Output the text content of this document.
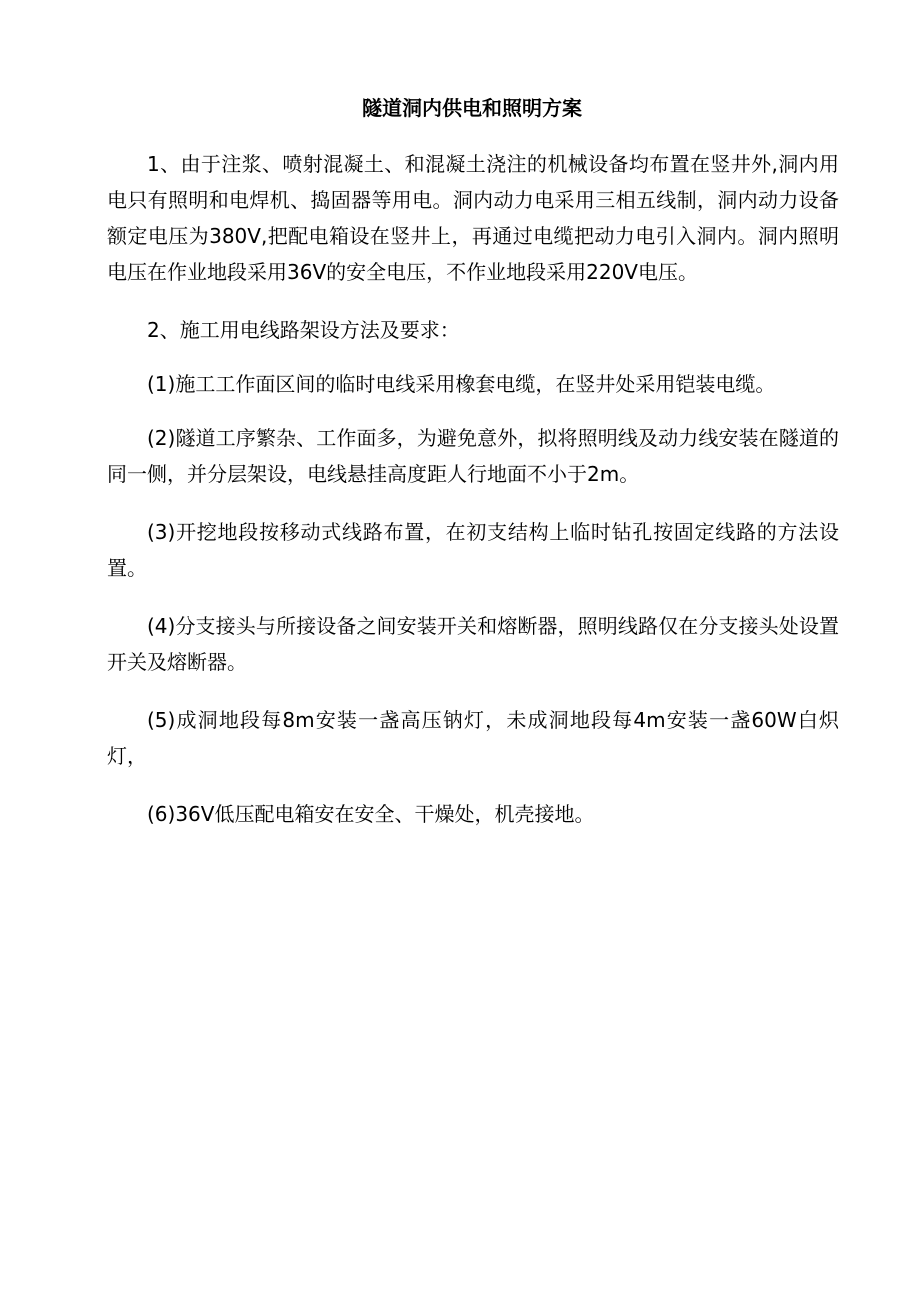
隧道洞内供电和照明方案

1、由于注浆、喷射混凝土、和混凝土浇注的机械设备均布置在竖井外,洞内用电只有照明和电焊机、捣固器等用电。洞内动力电采用三相五线制，洞内动力设备额定电压为380V,把配电箱设在竖井上，再通过电缆把动力电引入洞内。洞内照明电压在作业地段采用36V的安全电压，不作业地段采用220V电压。

2、施工用电线路架设方法及要求：

(1)施工工作面区间的临时电线采用橡套电缆，在竖井处采用铠装电缆。

(2)隧道工序繁杂、工作面多，为避免意外，拟将照明线及动力线安装在隧道的同一侧，并分层架设，电线悬挂高度距人行地面不小于2m。

(3)开挖地段按移动式线路布置，在初支结构上临时钻孔按固定线路的方法设置。

(4)分支接头与所接设备之间安装开关和熔断器，照明线路仅在分支接头处设置开关及熔断器。

(5)成洞地段每8m安装一盏高压钠灯，未成洞地段每4m安装一盏60W白炽灯，

(6)36V低压配电箱安在安全、干燥处，机壳接地。
